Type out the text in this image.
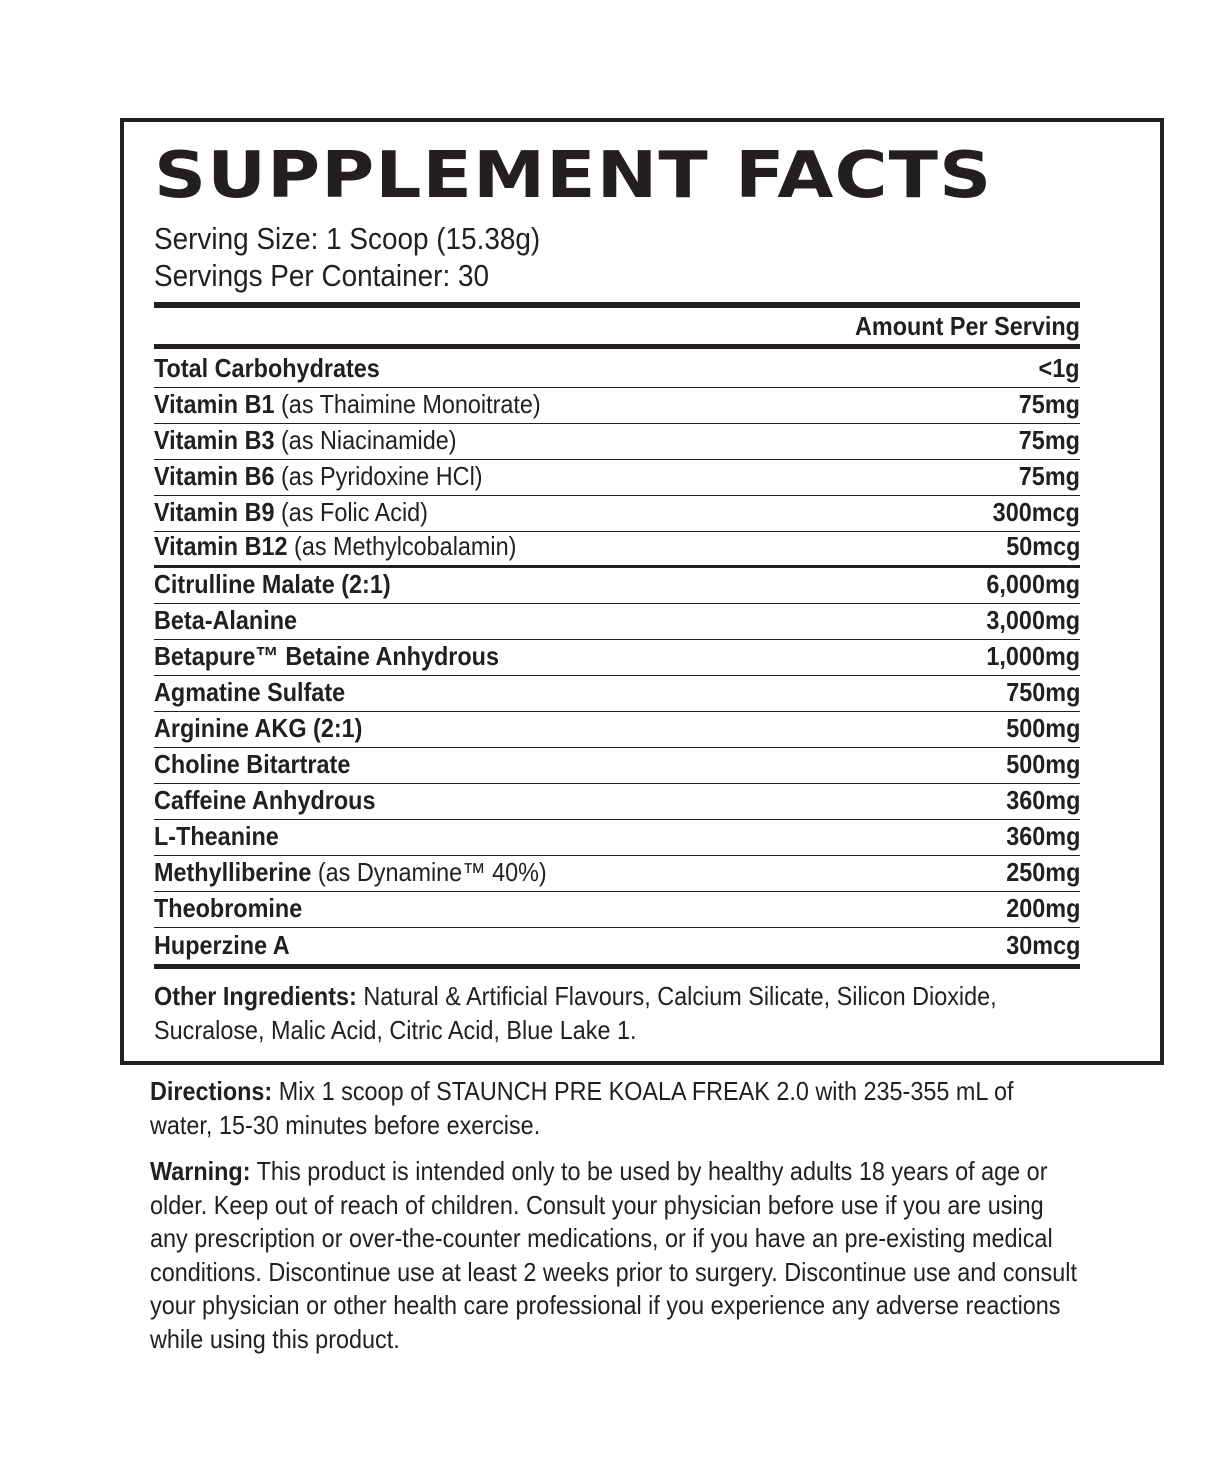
SUPPLEMENT FACTS
Serving Size: 1 Scoop (15.38g)
Servings Per Container: 30
Amount Per Serving
Total Carbohydrates	<1g
Vitamin B1 (as Thaimine Monoitrate)	75mg
Vitamin B3 (as Niacinamide)	75mg
Vitamin B6 (as Pyridoxine HCl)	75mg
Vitamin B9 (as Folic Acid)	300mcg
Vitamin B12 (as Methylcobalamin)	50mcg
Citrulline Malate (2:1)	6,000mg
Beta-Alanine	3,000mg
Betapure™ Betaine Anhydrous	1,000mg
Agmatine Sulfate	750mg
Arginine AKG (2:1)	500mg
Choline Bitartrate	500mg
Caffeine Anhydrous	360mg
L-Theanine	360mg
Methylliberine (as Dynamine™ 40%)	250mg
Theobromine	200mg
Huperzine A	30mcg
Other Ingredients: Natural & Artificial Flavours, Calcium Silicate, Silicon Dioxide, Sucralose, Malic Acid, Citric Acid, Blue Lake 1.
Directions: Mix 1 scoop of STAUNCH PRE KOALA FREAK 2.0 with 235-355 mL of water, 15-30 minutes before exercise.
Warning: This product is intended only to be used by healthy adults 18 years of age or older. Keep out of reach of children. Consult your physician before use if you are using any prescription or over-the-counter medications, or if you have an pre-existing medical conditions. Discontinue use at least 2 weeks prior to surgery. Discontinue use and consult your physician or other health care professional if you experience any adverse reactions while using this product.
